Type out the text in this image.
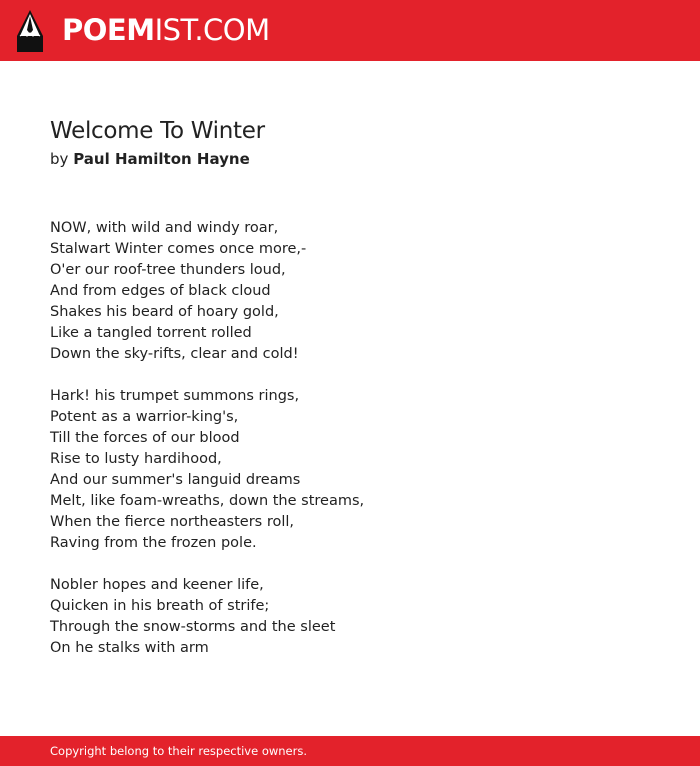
POEMIST.COM
Welcome To Winter

by Paul Hamilton Hayne

NOW, with wild and windy roar,
Stalwart Winter comes once more,-
O'er our roof-tree thunders loud,
And from edges of black cloud
Shakes his beard of hoary gold,
Like a tangled torrent rolled
Down the sky-rifts, clear and cold!
Hark! his trumpet summons rings,
Potent as a warrior-king's,
Till the forces of our blood
Rise to lusty hardihood,
And our summer's languid dreams
Melt, like foam-wreaths, down the streams,
When the fierce northeasters roll,
Raving from the frozen pole.
Nobler hopes and keener life,
Quicken in his breath of strife;
Through the snow-storms and the sleet
On he stalks with arm
Copyright belong to their respective owners.
